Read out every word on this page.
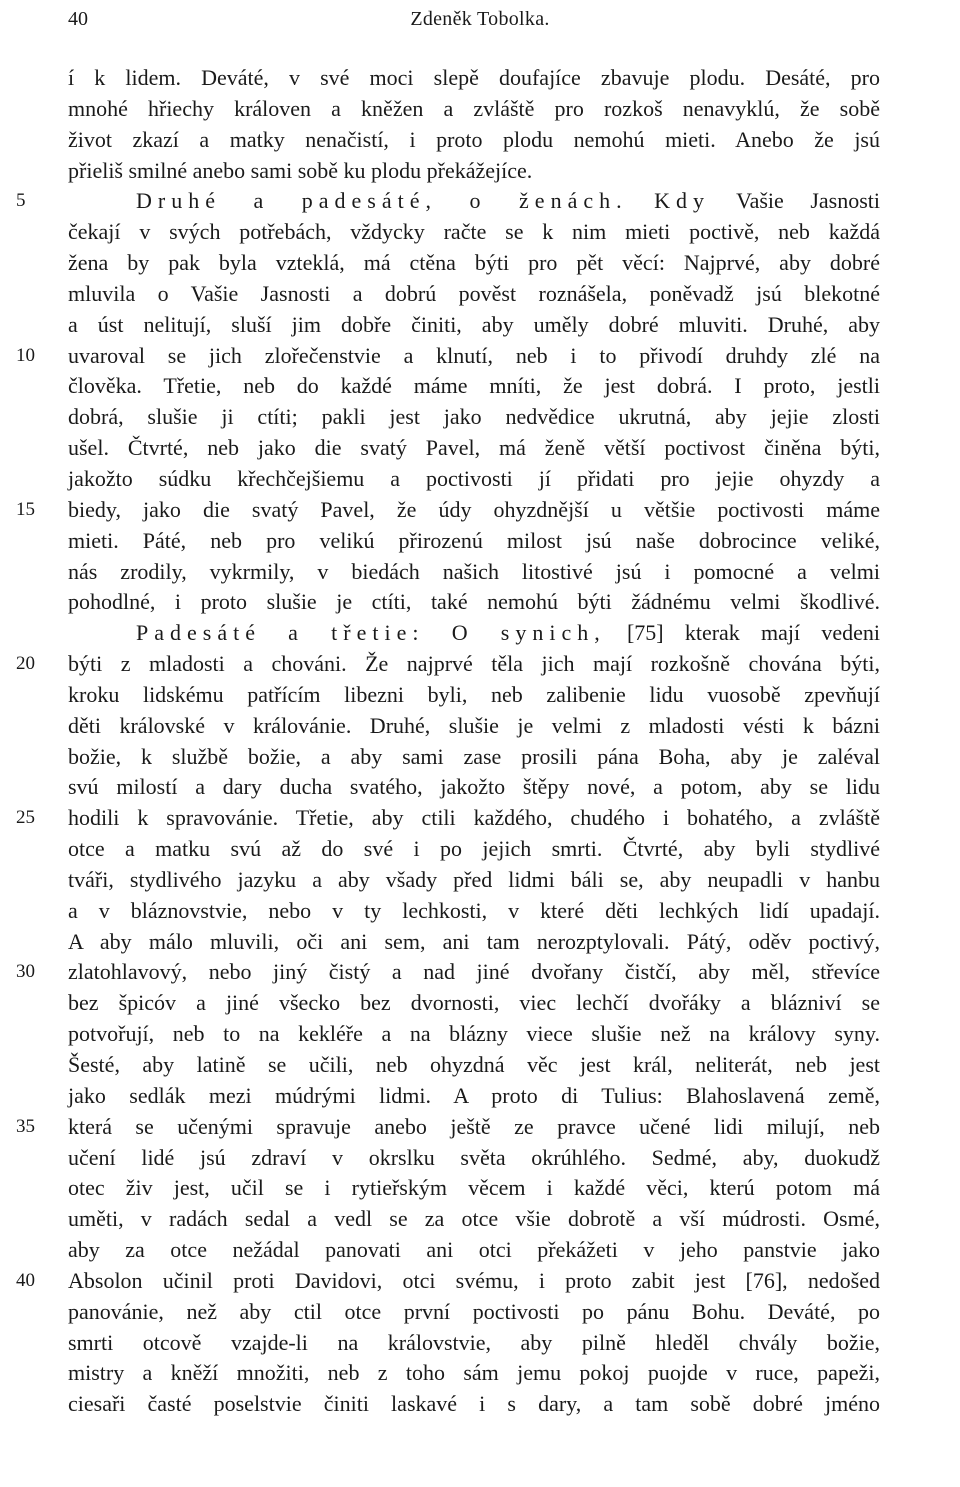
40	Zdeněk Tobolka.
í k lidem. Deváté, v své moci slepě doufajíce zbavuje plodu. Desáté, pro
mnohé hřiechy královen a kněžen a zvláště pro rozkoš nenavyklú, že sobě
život zkazí a matky nenačistí, i proto plodu nemohú mieti. Anebo že jsú
přieliš smilné anebo sami sobě ku plodu překážejíce.
5	Druhé a padesáté, o ženách. Kdy Vašie Jasnosti
čekají v svých potřebách, vždycky račte se k nim mieti poctivě, neb každá
žena by pak byla vzteklá, má ctěna býti pro pět věcí: Najprvé, aby dobré
mluvila o Vašie Jasnosti a dobrú pověst roznášela, poněvadž jsú blekotné
a úst nelitují, sluší jim dobře činiti, aby uměly dobré mluviti. Druhé, aby
10	uvaroval se jich zlořečenstvie a klnutí, neb i to přivodí druhdy zlé na
člověka. Třetie, neb do každé máme mníti, že jest dobrá. I proto, jestli
dobrá, slušie ji ctíti; pakli jest jako nedvědice ukrutná, aby jejie zlosti
ušel. Čtvrté, neb jako die svatý Pavel, má ženě větší poctivost činěna býti,
jakožto súdku křechčejšiemu a poctivosti jí přidati pro jejie ohyzdy a
15	biedy, jako die svatý Pavel, že údy ohyzdnější u většie poctivosti máme
mieti. Páté, neb pro velikú přirozenú milost jsú naše dobrocince veliké,
nás zrodily, vykrmily, v biedách našich litostivé jsú i pomocné a velmi
pohodlné, i proto slušie je ctíti, také nemohú býti žádnému velmi škodlivé.
Padesáté a třetie: O synich, [75] kterak mají vedeni
20	býti z mladosti a chováni. Že najprvé těla jich mají rozkošně chována býti,
kroku lidskému patřícím libezni byli, neb zalibenie lidu vuosobě zpevňují
děti královské v královánie. Druhé, slušie je velmi z mladosti vésti k bázni
božie, k službě božie, a aby sami zase prosili pána Boha, aby je zaléval
svú milostí a dary ducha svatého, jakožto štěpy nové, a potom, aby se lidu
25	hodili k spravovánie. Třetie, aby ctili každého, chudého i bohatého, a zvláště
otce a matku svú až do své i po jejich smrti. Čtvrté, aby byli stydlivé
tváři, stydlivého jazyku a aby všady před lidmi báli se, aby neupadli v hanbu
a v bláznovstvie, nebo v ty lechkosti, v které děti lechkých lidí upadají.
A aby málo mluvili, oči ani sem, ani tam nerozptylovali. Pátý, oděv poctivý,
30	zlatohlavový, nebo jiný čistý a nad jiné dvořany čistčí, aby měl, střevíce
bez špicóv a jiné všecko bez dvornosti, viec lechčí dvořáky a blázniví se
potvořují, neb to na kekléře a na blázny viece slušie než na královy syny.
Šesté, aby latině se učili, neb ohyzdná věc jest král, neliterát, neb jest
jako sedlák mezi múdrými lidmi. A proto di Tulius: Blahoslavená země,
35	která se učenými spravuje anebo ještě ze pravce učené lidi milují, neb
učení lidé jsú zdraví v okrslku světa okrúhlého. Sedmé, aby, duokudž
otec živ jest, učil se i rytieřským věcem i každé věci, kterú potom má
uměti, v radách sedal a vedl se za otce všie dobrotě a vší múdrosti. Osmé,
aby za otce nežádal panovati ani otci překážeti v jeho panstvie jako
40	Absolon učinil proti Davidovi, otci svému, i proto zabit jest [76], nedošed
panovánie, než aby ctil otce první poctivosti po pánu Bohu. Deváté, po
smrti otcově vzajde-li na královstvie, aby pilně hleděl chvály božie,
mistry a kněží množiti, neb z toho sám jemu pokoj puojde v ruce, papeži,
ciesaři časté poselstvie činiti laskavé i s dary, a tam sobě dobré jméno
